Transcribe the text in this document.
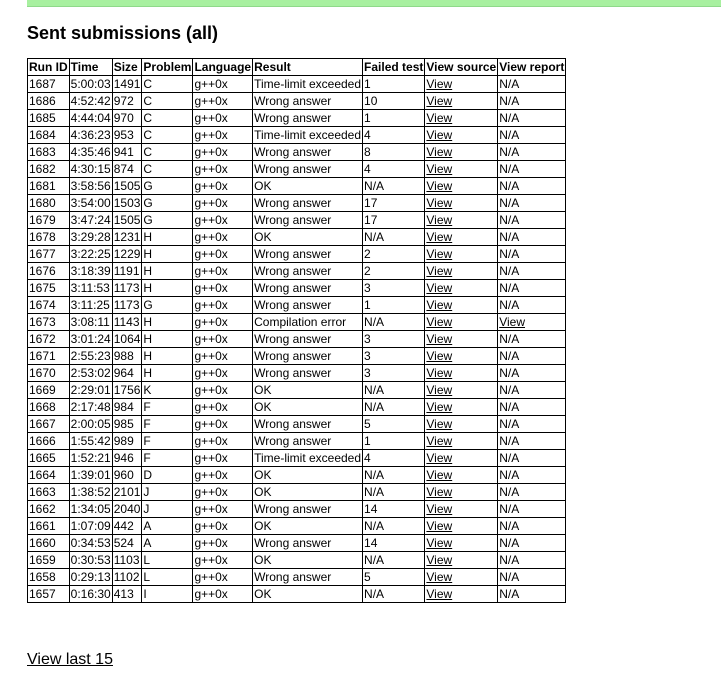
Sent submissions (all)
Run ID	Time	Size	Problem	Language	Result	Failed test	View source	View report
1687	5:00:03	1491	C	g++0x	Time-limit exceeded	1	View	N/A
1686	4:52:42	972	C	g++0x	Wrong answer	10	View	N/A
1685	4:44:04	970	C	g++0x	Wrong answer	1	View	N/A
1684	4:36:23	953	C	g++0x	Time-limit exceeded	4	View	N/A
1683	4:35:46	941	C	g++0x	Wrong answer	8	View	N/A
1682	4:30:15	874	C	g++0x	Wrong answer	4	View	N/A
1681	3:58:56	1505	G	g++0x	OK	N/A	View	N/A
1680	3:54:00	1503	G	g++0x	Wrong answer	17	View	N/A
1679	3:47:24	1505	G	g++0x	Wrong answer	17	View	N/A
1678	3:29:28	1231	H	g++0x	OK	N/A	View	N/A
1677	3:22:25	1229	H	g++0x	Wrong answer	2	View	N/A
1676	3:18:39	1191	H	g++0x	Wrong answer	2	View	N/A
1675	3:11:53	1173	H	g++0x	Wrong answer	3	View	N/A
1674	3:11:25	1173	G	g++0x	Wrong answer	1	View	N/A
1673	3:08:11	1143	H	g++0x	Compilation error	N/A	View	View
1672	3:01:24	1064	H	g++0x	Wrong answer	3	View	N/A
1671	2:55:23	988	H	g++0x	Wrong answer	3	View	N/A
1670	2:53:02	964	H	g++0x	Wrong answer	3	View	N/A
1669	2:29:01	1756	K	g++0x	OK	N/A	View	N/A
1668	2:17:48	984	F	g++0x	OK	N/A	View	N/A
1667	2:00:05	985	F	g++0x	Wrong answer	5	View	N/A
1666	1:55:42	989	F	g++0x	Wrong answer	1	View	N/A
1665	1:52:21	946	F	g++0x	Time-limit exceeded	4	View	N/A
1664	1:39:01	960	D	g++0x	OK	N/A	View	N/A
1663	1:38:52	2101	J	g++0x	OK	N/A	View	N/A
1662	1:34:05	2040	J	g++0x	Wrong answer	14	View	N/A
1661	1:07:09	442	A	g++0x	OK	N/A	View	N/A
1660	0:34:53	524	A	g++0x	Wrong answer	14	View	N/A
1659	0:30:53	1103	L	g++0x	OK	N/A	View	N/A
1658	0:29:13	1102	L	g++0x	Wrong answer	5	View	N/A
1657	0:16:30	413	I	g++0x	OK	N/A	View	N/A
View last 15
